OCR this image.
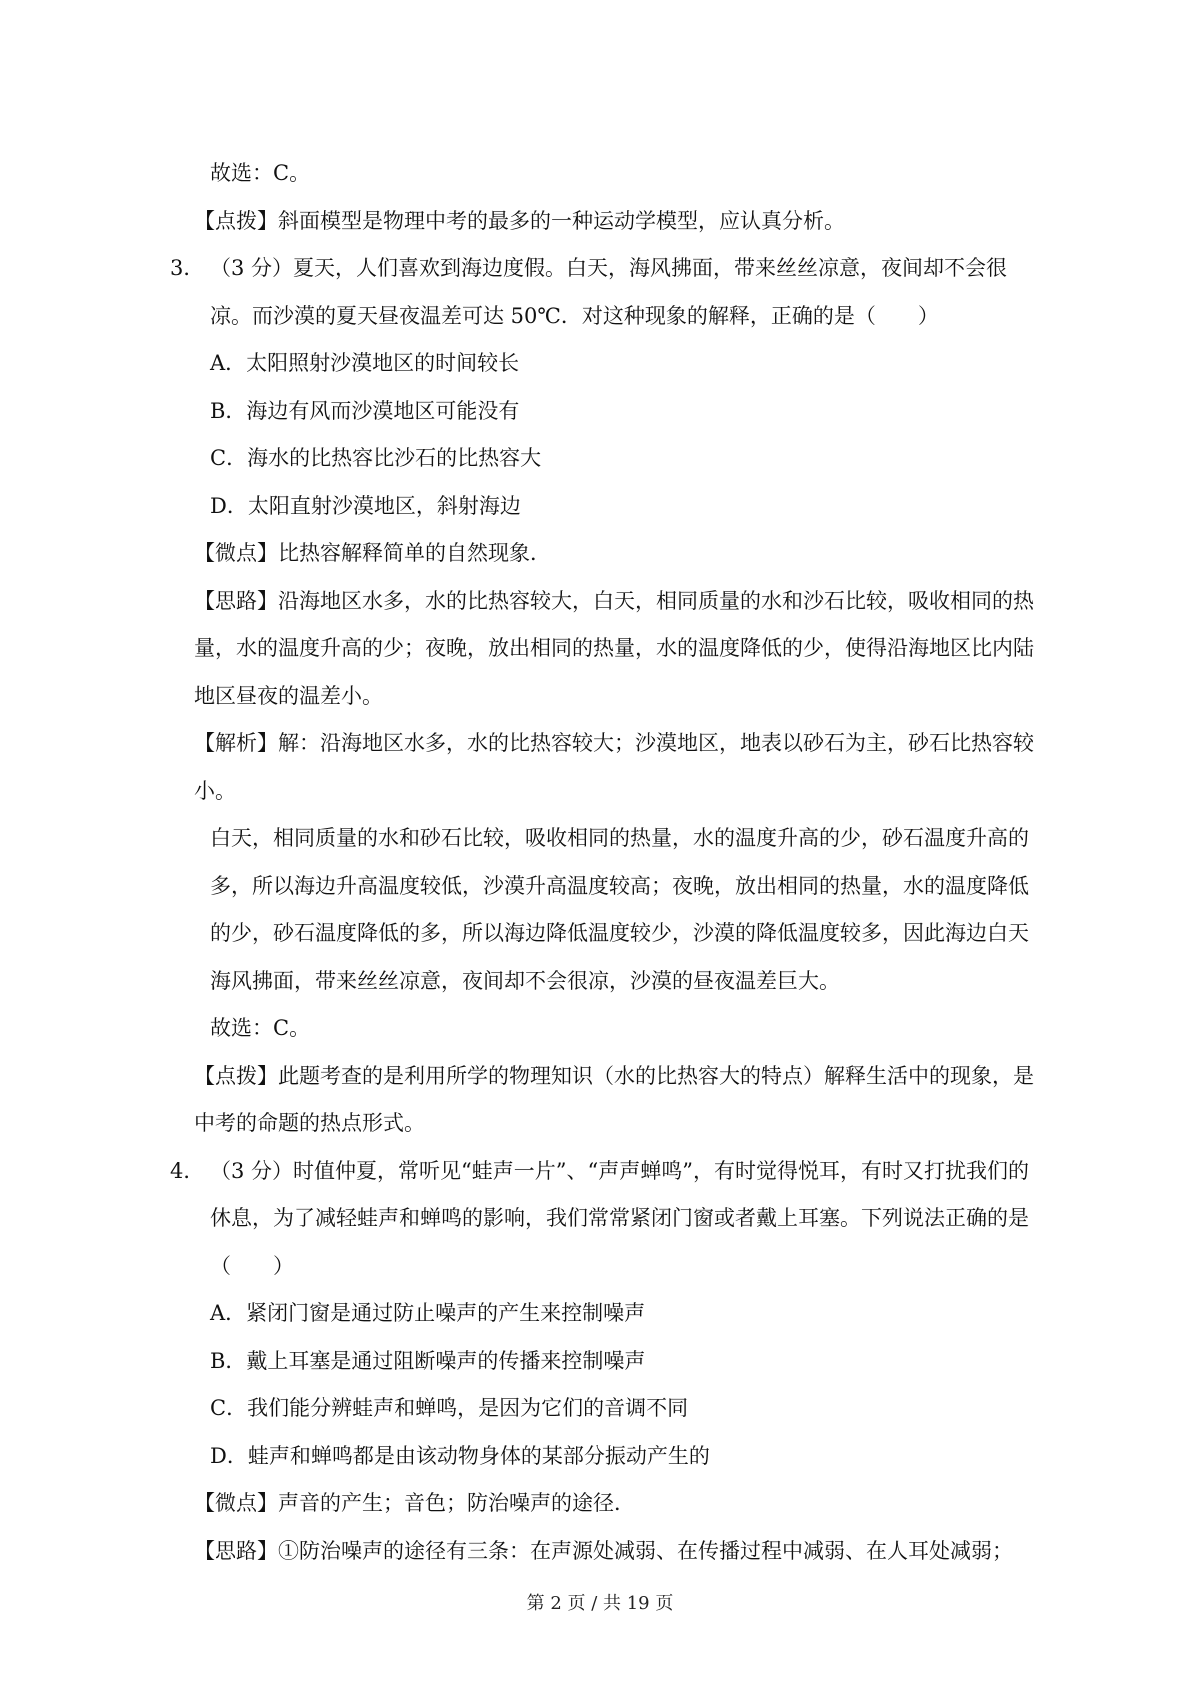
故选：C。

【点拨】斜面模型是物理中考的最多的一种运动学模型，应认真分析。

3． （3 分）夏天，人们喜欢到海边度假。白天，海风拂面，带来丝丝凉意，夜间却不会很凉。而沙漠的夏天昼夜温差可达 50℃．对这种现象的解释，正确的是（　　）

A．太阳照射沙漠地区的时间较长

B．海边有风而沙漠地区可能没有

C．海水的比热容比沙石的比热容大

D．太阳直射沙漠地区，斜射海边

【微点】比热容解释简单的自然现象．

【思路】沿海地区水多，水的比热容较大，白天，相同质量的水和沙石比较，吸收相同的热量，水的温度升高的少；夜晚，放出相同的热量，水的温度降低的少，使得沿海地区比内陆地区昼夜的温差小。

【解析】解：沿海地区水多，水的比热容较大；沙漠地区，地表以砂石为主，砂石比热容较小。

白天，相同质量的水和砂石比较，吸收相同的热量，水的温度升高的少，砂石温度升高的多，所以海边升高温度较低，沙漠升高温度较高；夜晚，放出相同的热量，水的温度降低的少，砂石温度降低的多，所以海边降低温度较少，沙漠的降低温度较多，因此海边白天海风拂面，带来丝丝凉意，夜间却不会很凉，沙漠的昼夜温差巨大。

故选：C。

【点拨】此题考查的是利用所学的物理知识（水的比热容大的特点）解释生活中的现象，是中考的命题的热点形式。

4． （3 分）时值仲夏，常听见“蛙声一片”、“声声蝉鸣”，有时觉得悦耳，有时又打扰我们的休息，为了减轻蛙声和蝉鸣的影响，我们常常紧闭门窗或者戴上耳塞。下列说法正确的是（　　）

A．紧闭门窗是通过防止噪声的产生来控制噪声

B．戴上耳塞是通过阻断噪声的传播来控制噪声

C．我们能分辨蛙声和蝉鸣，是因为它们的音调不同

D．蛙声和蝉鸣都是由该动物身体的某部分振动产生的

【微点】声音的产生；音色；防治噪声的途径．

【思路】①防治噪声的途径有三条：在声源处减弱、在传播过程中减弱、在人耳处减弱；

第 2 页 / 共 19 页
